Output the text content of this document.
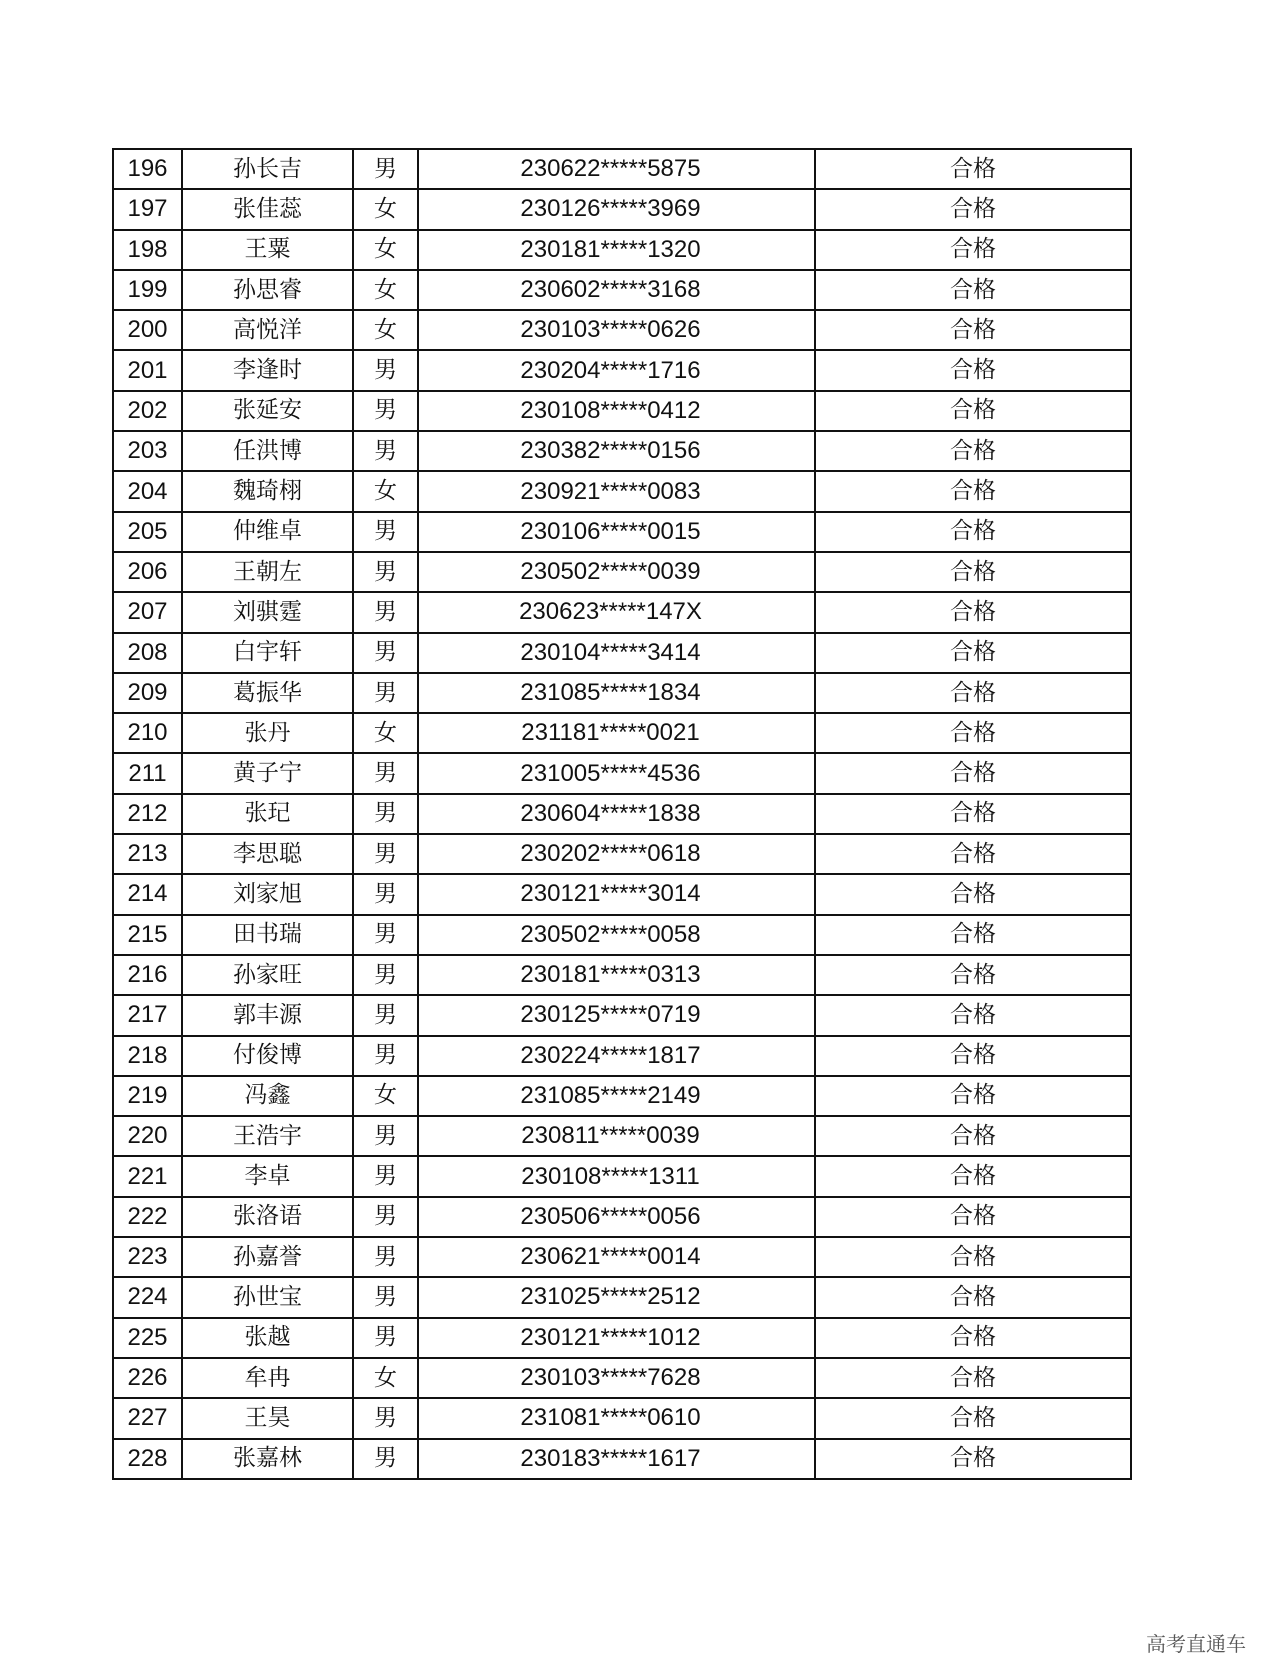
196	孙长吉	男	230622*****5875	合格
197	张佳蕊	女	230126*****3969	合格
198	王粟	女	230181*****1320	合格
199	孙思睿	女	230602*****3168	合格
200	高悦洋	女	230103*****0626	合格
201	李逢时	男	230204*****1716	合格
202	张延安	男	230108*****0412	合格
203	任洪博	男	230382*****0156	合格
204	魏琦栩	女	230921*****0083	合格
205	仲维卓	男	230106*****0015	合格
206	王朝左	男	230502*****0039	合格
207	刘骐霆	男	230623*****147X	合格
208	白宇轩	男	230104*****3414	合格
209	葛振华	男	231085*****1834	合格
210	张丹	女	231181*****0021	合格
211	黄子宁	男	231005*****4536	合格
212	张玘	男	230604*****1838	合格
213	李思聪	男	230202*****0618	合格
214	刘家旭	男	230121*****3014	合格
215	田书瑞	男	230502*****0058	合格
216	孙家旺	男	230181*****0313	合格
217	郭丰源	男	230125*****0719	合格
218	付俊博	男	230224*****1817	合格
219	冯鑫	女	231085*****2149	合格
220	王浩宇	男	230811*****0039	合格
221	李卓	男	230108*****1311	合格
222	张洛语	男	230506*****0056	合格
223	孙嘉誉	男	230621*****0014	合格
224	孙世宝	男	231025*****2512	合格
225	张越	男	230121*****1012	合格
226	牟冉	女	230103*****7628	合格
227	王昊	男	231081*****0610	合格
228	张嘉林	男	230183*****1617	合格
高考直通车
